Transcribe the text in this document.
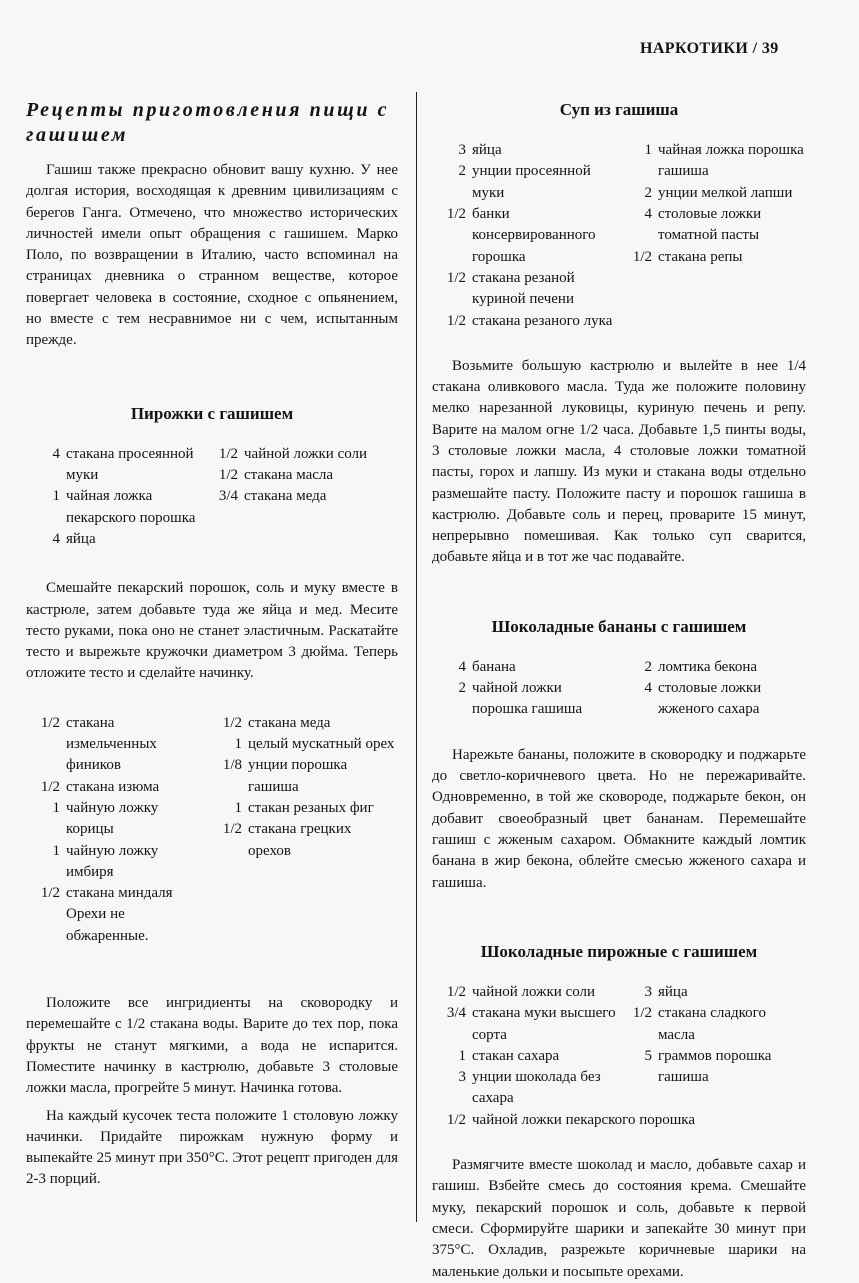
НАРКОТИКИ / 39
Рецепты приготовления пищи с гашишем

Гашиш также прекрасно обновит вашу кухню. У нее долгая история, восходящая к древним цивилизациям с берегов Ганга. Отмечено, что множество исторических личностей имели опыт обращения с гашишем. Марко Поло, по возвращении в Италию, часто вспоминал на страницах дневника о странном веществе, которое повергает человека в состояние, сходное с опьянением, но вместе с тем несравнимое ни с чем, испытанным прежде.

Пирожки с гашишем
4 стакана просеянной муки
1 чайная ложка пекарского порошка
4 яйца
1/2 чайной ложки соли
1/2 стакана масла
3/4 стакана меда

Смешайте пекарский порошок, соль и муку вместе в кастрюле, затем добавьте туда же яйца и мед. Месите тесто руками, пока оно не станет эластичным. Раскатайте тесто и вырежьте кружочки диаметром 3 дюйма. Теперь отложите тесто и сделайте начинку.

1/2 стакана измельченных фиников
1/2 стакана изюма
1 чайную ложку корицы
1 чайную ложку имбиря
1/2 стакана миндаля
Орехи не обжаренные.
1/2 стакана меда
1 целый мускатный орех
1/8 унции порошка гашиша
1 стакан резаных фиг
1/2 стакана грецких орехов

Положите все ингридиенты на сковородку и перемешайте с 1/2 стакана воды. Варите до тех пор, пока фрукты не станут мягкими, а вода не испарится. Поместите начинку в кастрюлю, добавьте 3 столовые ложки масла, прогрейте 5 минут. Начинка готова.

На каждый кусочек теста положите 1 столовую ложку начинки. Придайте пирожкам нужную форму и выпекайте 25 минут при 350°С. Этот рецепт пригоден для 2-3 порций.

Суп из гашиша
3 яйца
2 унции просеянной муки
1/2 банки консервированного горошка
1/2 стакана резаной куриной печени
1/2 стакана резаного лука
1 чайная ложка порошка гашиша
2 унции мелкой лапши
4 столовые ложки томатной пасты
1/2 стакана репы

Возьмите большую кастрюлю и вылейте в нее 1/4 стакана оливкового масла. Туда же положите половину мелко нарезанной луковицы, куриную печень и репу. Варите на малом огне 1/2 часа. Добавьте 1,5 пинты воды, 3 столовые ложки масла, 4 столовые ложки томатной пасты, горох и лапшу. Из муки и стакана воды отдельно размешайте пасту. Положите пасту и порошок гашиша в кастрюлю. Добавьте соль и перец, проварите 15 минут, непрерывно помешивая. Как только суп сварится, добавьте яйца и в тот же час подавайте.

Шоколадные бананы с гашишем
4 банана
2 чайной ложки порошка гашиша
2 ломтика бекона
4 столовые ложки жженого сахара

Нарежьте бананы, положите в сковородку и поджарьте до светло-коричневого цвета. Но не пережаривайте. Одновременно, в той же сковороде, поджарьте бекон, он добавит своеобразный цвет бананам. Перемешайте гашиш с жженым сахаром. Обмакните каждый ломтик банана в жир бекона, облейте смесью жженого сахара и гашиша.

Шоколадные пирожные с гашишем
1/2 чайной ложки соли
3/4 стакана муки высшего сорта
1 стакан сахара
3 унции шоколада без сахара
3 яйца
1/2 стакана сладкого масла
5 граммов порошка гашиша
1/2 чайной ложки пекарского порошка

Размягчите вместе шоколад и масло, добавьте сахар и гашиш. Взбейте смесь до состояния крема. Смешайте муку, пекарский порошок и соль, добавьте к первой смеси. Сформируйте шарики и запекайте 30 минут при 375°С. Охладив, разрежьте коричневые шарики на маленькие дольки и посыпьте орехами.
